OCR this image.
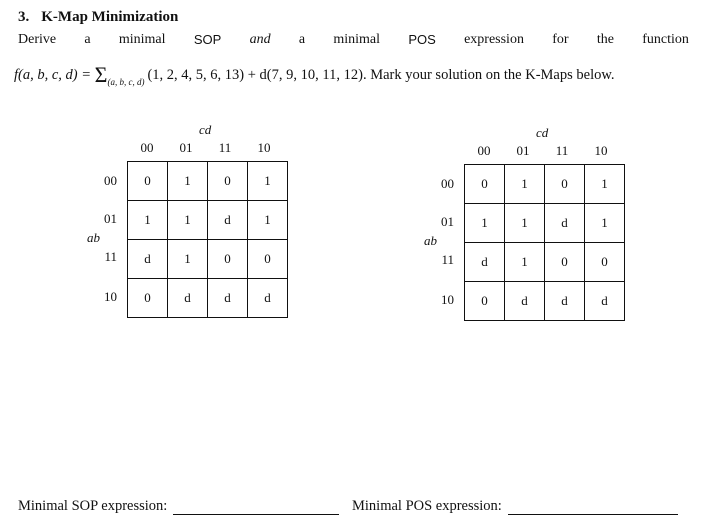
3. K-Map Minimization
Derive a minimal SOP and a minimal POS expression for the function
f(a, b, c, $d) = \Sigma_{(a, b, c, d)}$ (1, 2, 4, 5, 6, 13) + d(7, 9, 10, 11, 12). Mark your solution on the K-Maps below.
cd
00	01	11	10
00
01
ab
11
10
0	1	0	1
1	1	d	1
d	1	0	0
0	d	d	d
cd
00	01	11	10
00
01
ab
11
10
0	1	0	1
1	1	d	1
d	1	0	0
0	d	d	d
Minimal SOP expression:	Minimal POS expression:
